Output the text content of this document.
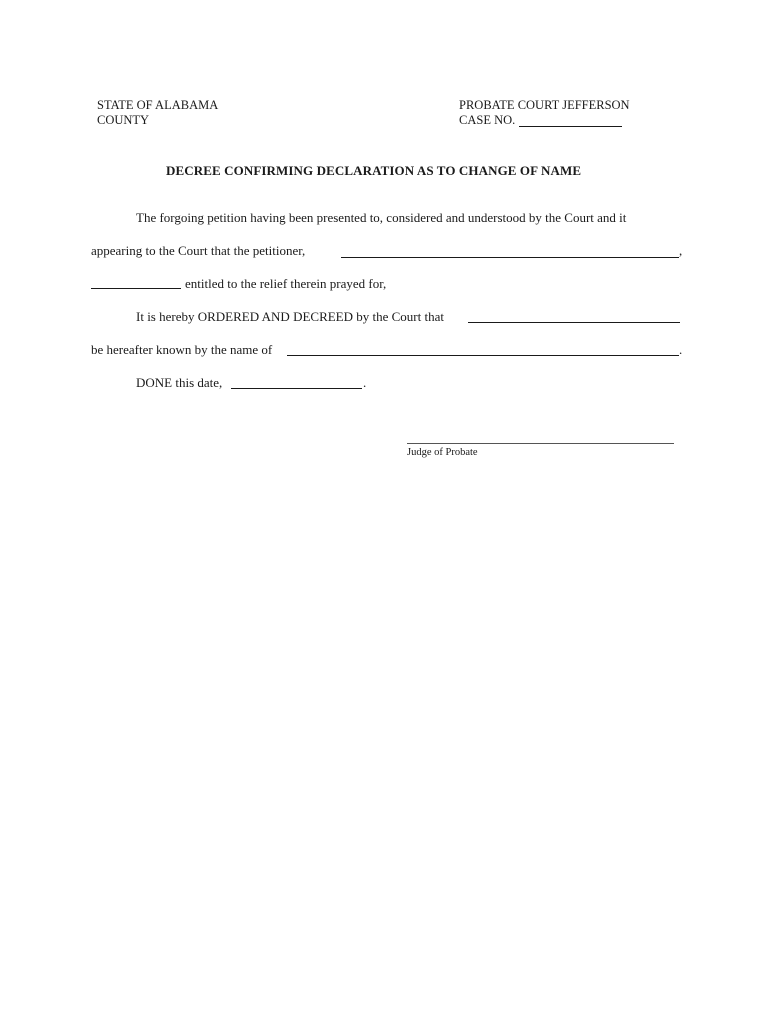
STATE OF ALABAMA
COUNTY
PROBATE COURT JEFFERSON
CASE NO.
DECREE CONFIRMING DECLARATION AS TO CHANGE OF NAME
The forgoing petition having been presented to, considered and understood by the Court and it
appearing to the Court that the petitioner,	,
entitled to the relief therein prayed for,
It is hereby ORDERED AND DECREED by the Court that
be hereafter known by the name of	.
DONE this date,	.
Judge of Probate
